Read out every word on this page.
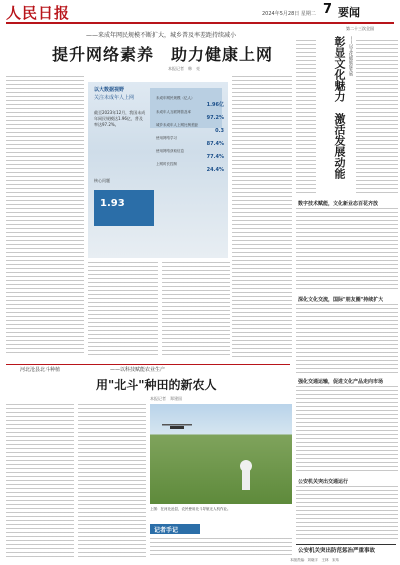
人民日报	2024年5月28日 星期二 7 要闻
——来成年网民规模不断扩大，城乡普及率差距持续减小
提升网络素养　助力健康上网
本报记者　韩　亮
以大数据视野
关注未成年人上网
截至2023年12月，我国未成年网民规模达1.96亿，普及率达97.2%。
未成年网民规模（亿人）
1.96亿
未成年人互联网普及率
97.2%
城乡未成年人上网比例差距
0.3
使用网络学习
87.4%
使用网络获取信息
77.4%
上网时长控制
24.4%
核心问题
1.93
第二十三次全国
彰显文化魅力　激活发展动能 ——以文化赋能促发展
数字技术赋能，文化新业态百花齐放
深化文化交流，国际"朋友圈"持续扩大
强化交通运输，促进文化产品走向市场
公安机关突出交通运行
河北沧县北斗种植	——以科技赋能农业生产
用"北斗"种田的新农人
本报记者　郑建国
上图：在河北沧县，农民使用北斗导航无人机作业。
记者手记
公安机关突出防范惩治严重事故
本版责编：刘晓宇　王林　宋玮
